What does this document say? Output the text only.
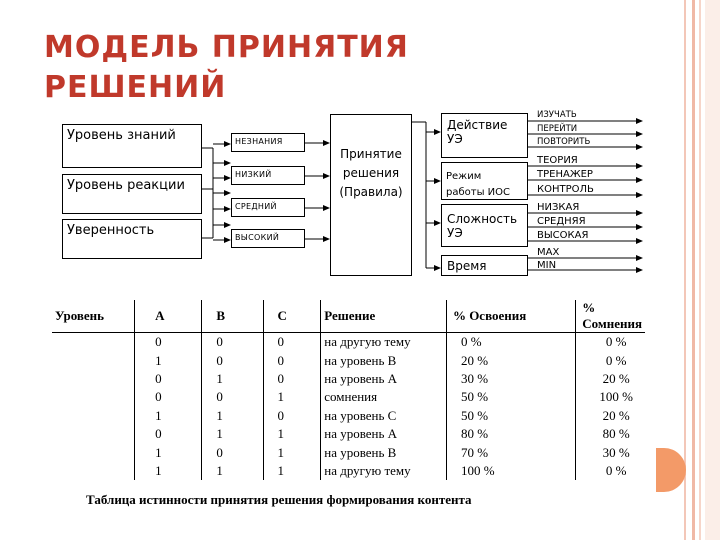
МОДЕЛЬ ПРИНЯТИЯ
РЕШЕНИЙ
Уровень знаний
Уровень реакции
Уверенность
НЕЗНАНИЯ
НИЗКИЙ
СРЕДНИЙ
ВЫСОКИЙ
Принятие
решения
(Правила)
Действие
УЭ
Режим
работы ИОС
Сложность
УЭ
Время
ИЗУЧАТЬ
ПЕРЕЙТИ
ПОВТОРИТЬ
ТЕОРИЯ
ТРЕНАЖЕР
КОНТРОЛЬ
НИЗКАЯ
СРЕДНЯЯ
ВЫСОКАЯ
MAX
MIN
Уровень	А	В	С	Решение	% Освоения	% Сомнения
	0	0	0	на другую тему	0 %	0 %
	1	0	0	на уровень В	20 %	0 %
	0	1	0	на уровень А	30 %	20 %
	0	0	1	сомнения	50 %	100 %
	1	1	0	на уровень С	50 %	20 %
	0	1	1	на уровень А	80 %	80 %
	1	0	1	на уровень В	70 %	30 %
	1	1	1	на другую тему	100 %	0 %
Таблица истинности принятия решения формирования контента
